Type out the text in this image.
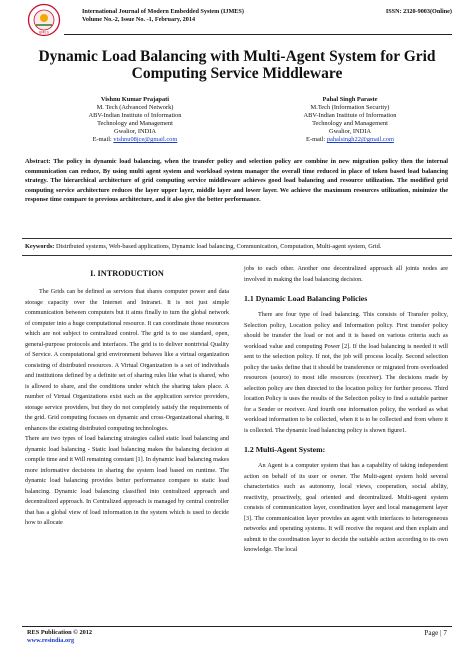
IJMES
International Journal of Modern Embedded System (IJMES)
Volume No.-2, Issue No. -1, February, 2014
ISSN: 2320-9003(Online)
Dynamic Load Balancing with Multi-Agent System for Grid Computing Service Middleware
Vishnu Kumar Prajapati
M. Tech (Advanced Network)
ABV-Indian Institute of Information
Technology and Management
Gwalior, INDIA
E-mail: vishnu08jce@gmail.com
Pahal Singh Paraste
M.Tech (Information Security)
ABV-Indian Institute of Information
Technology and Management
Gwalior, INDIA
E-mail: pahalsingh22@gmail.com
Abstract: The policy in dynamic load balancing, when the transfer policy and selection policy are combine in new migration policy then the internal communication can reduce, By using multi agent system and workload system manager the overall time reduced in place of token based load balancing strategy. The hierarchical architecture of grid computing service middleware achieves good load balancing and resource utilization. The modified grid computing service architecture reduces the layer upper layer, middle layer and lower layer. We achieve the maximum resources utilization, minimize the response time compare to previous architecture, and it also give the better performance.
Keywords: Distributed systems, Web-based applications, Dynamic load balancing, Communication, Computation, Multi-agent system, Grid.
I. INTRODUCTION

The Grids can be defined as services that shares computer power and data storage capacity over the Internet and Intranet. It is not just simple communication between computers but it aims finally to turn the global network of computer into a huge computational resource. It can coordinate those resources which are not subject to centralized control. The grid is to use standard, open, general-purpose protocols and interfaces. The grid is to deliver nontrivial Quality of Service. A computational grid environment behaves like a virtual organization consisting of distributed resources. A Virtual Organization is a set of individuals and institutions defined by a definite set of sharing rules like what is shared, who is allowed to share, and the conditions under which the sharing takes place. A number of Virtual Organizations exist such as the application service providers, storage service providers, but they do not completely satisfy the requirements of the grid. Grid computing focuses on dynamic and cross-Organizational sharing, it enhances the existing distributed computing technologies.

There are two types of load balancing strategies called static load balancing and dynamic load balancing - Static load balancing makes the balancing decision at compile time and it Will remaining constant [1]. In dynamic load balancing makes more informative decisions in sharing the system load based on runtime. The dynamic load balancing provides better performance compare to static load balancing. Dynamic load balancing classified into centralized approach and decentralized approach. In Centralized approach is managed by central controller that has a global view of load information in the system which is used to decide how to allocate

jobs to each other. Another one decentralized approach all joints nodes are involved in making the load balancing decision.

1.1 Dynamic Load Balancing Policies

There are four type of load balancing. This consists of Transfer policy, Selection policy, Location policy and Information policy. First transfer policy should be transfer the load or not and it is based on various criteria such as workload value and computing Power [2]. If the load balancing is needed it will sent to the selection policy. If not, the job will process locally. Second selection policy the tasks define that it should be transference or migrated from overloaded resources (source) to most idle resources (receiver). The decisions made by selection policy are then directed to the location policy for further process. Third location Policy is uses the results of the Selection policy to find a suitable partner for a Sender or receiver. And fourth one information policy, the worked as what workload information to be collected, when it is to be collected and from where it is collected. The dynamic load balancing policy is shown figure1.

1.2 Multi-Agent System:

An Agent is a computer system that has a capability of taking independent action on behalf of its user or owner. The Multi-agent system hold several characteristics such as autonomy, local views, cooperation, social ability, reactivity, proactively, goal oriented and decentralized. Multi-agent system consists of communication layer, coordination layer and local management layer [3]. The communication layer provides an agent with interfaces to heterogeneous networks and operating systems. It will receive the request and then explain and submit to the coordination layer to decide the suitable action according to its own knowledge. The local

RES Publication © 2012
www.resindia.org
Page | 7
